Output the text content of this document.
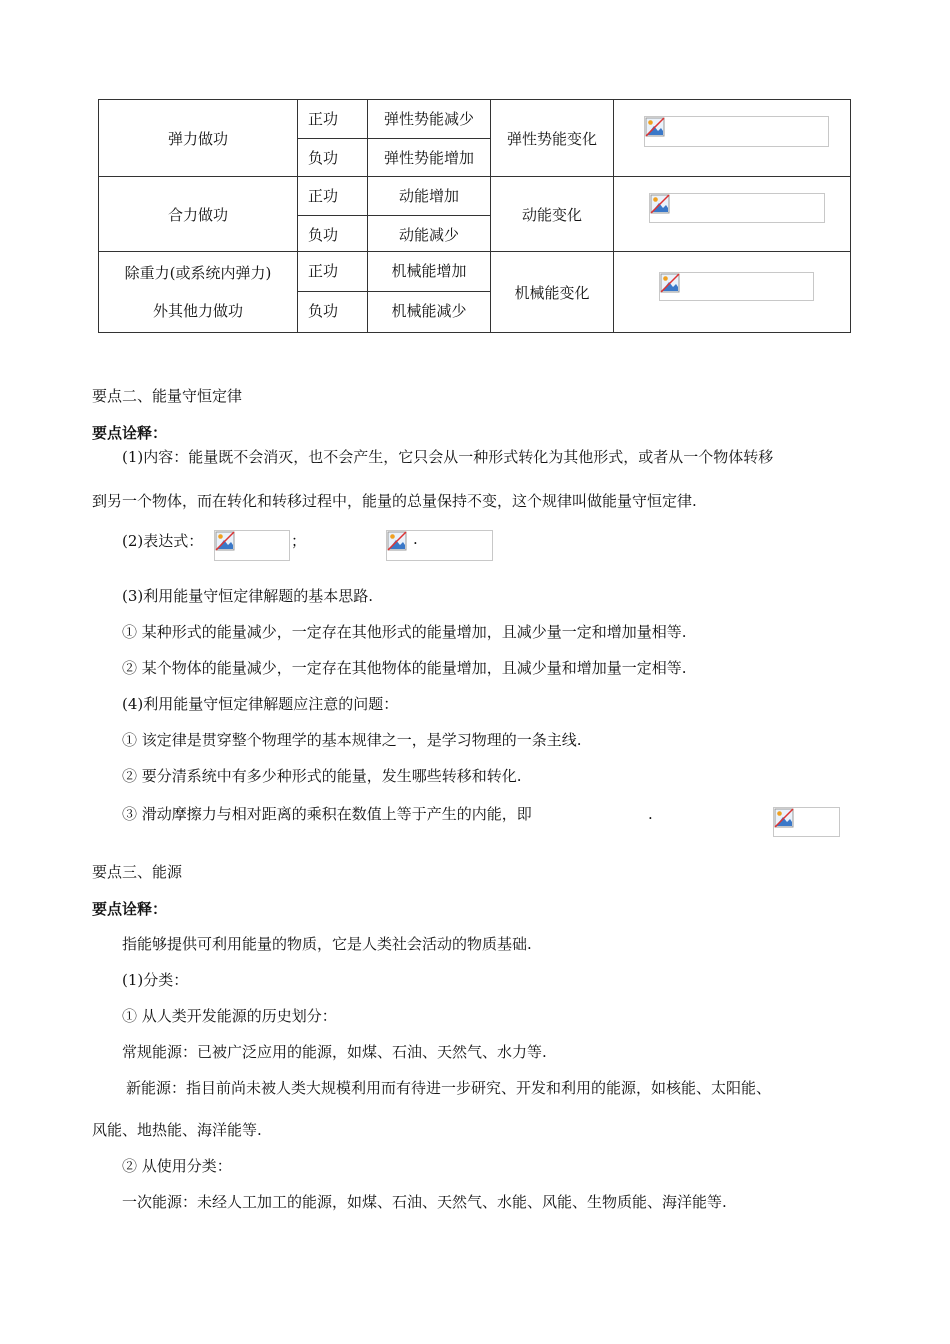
弹力做功	正功	弹性势能减少	弹性势能变化	

	负功	弹性势能增加		
合力做功	正功	动能增加	动能变化	

	负功	动能减少		

除重力(或系统内弹力)
外其他力做功	正功	机械能增加	机械能变化	

	负功	机械能减少		
要点二、能量守恒定律
要点诠释：
(1)内容：能量既不会消灭，也不会产生，它只会从一种形式转化为其他形式，或者从一个物体转移
到另一个物体，而在转化和转移过程中，能量的总量保持不变，这个规律叫做能量守恒定律.
(2)表达式：
	；
	.
(3)利用能量守恒定律解题的基本思路.
① 某种形式的能量减少，一定存在其他形式的能量增加，且减少量一定和增加量相等.
② 某个物体的能量减少，一定存在其他物体的能量增加，且减少量和增加量一定相等.
(4)利用能量守恒定律解题应注意的问题：
① 该定律是贯穿整个物理学的基本规律之一，是学习物理的一条主线.
② 要分清系统中有多少种形式的能量，发生哪些转移和转化.
③ 滑动摩擦力与相对距离的乘积在数值上等于产生的内能，即	.
要点三、能源
要点诠释：
指能够提供可利用能量的物质，它是人类社会活动的物质基础.
(1)分类：
① 从人类开发能源的历史划分：
常规能源：已被广泛应用的能源，如煤、石油、天然气、水力等.
新能源：指目前尚未被人类大规模利用而有待进一步研究、开发和利用的能源，如核能、太阳能、
风能、地热能、海洋能等.
② 从使用分类：
一次能源：未经人工加工的能源，如煤、石油、天然气、水能、风能、生物质能、海洋能等.
